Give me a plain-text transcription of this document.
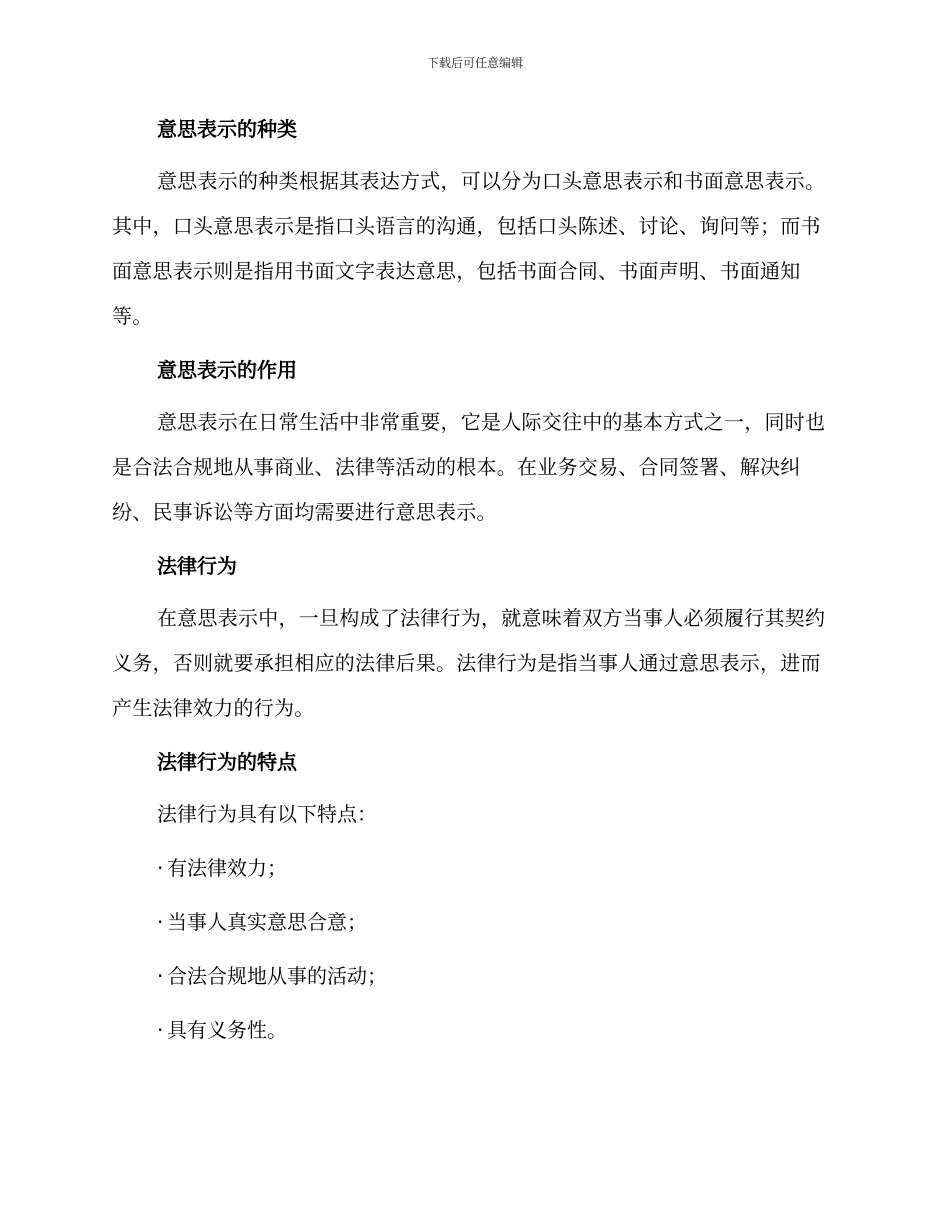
下载后可任意编辑
意思表示的种类

意思表示的种类根据其表达方式，可以分为口头意思表示和书面意思表示。其中，口头意思表示是指口头语言的沟通，包括口头陈述、讨论、询问等；而书面意思表示则是指用书面文字表达意思，包括书面合同、书面声明、书面通知等。

意思表示的作用

意思表示在日常生活中非常重要，它是人际交往中的基本方式之一，同时也是合法合规地从事商业、法律等活动的根本。在业务交易、合同签署、解决纠纷、民事诉讼等方面均需要进行意思表示。

法律行为

在意思表示中，一旦构成了法律行为，就意味着双方当事人必须履行其契约义务，否则就要承担相应的法律后果。法律行为是指当事人通过意思表示，进而产生法律效力的行为。

法律行为的特点

法律行为具有以下特点：

· 有法律效力；
· 当事人真实意思合意；
· 合法合规地从事的活动；
· 具有义务性。
